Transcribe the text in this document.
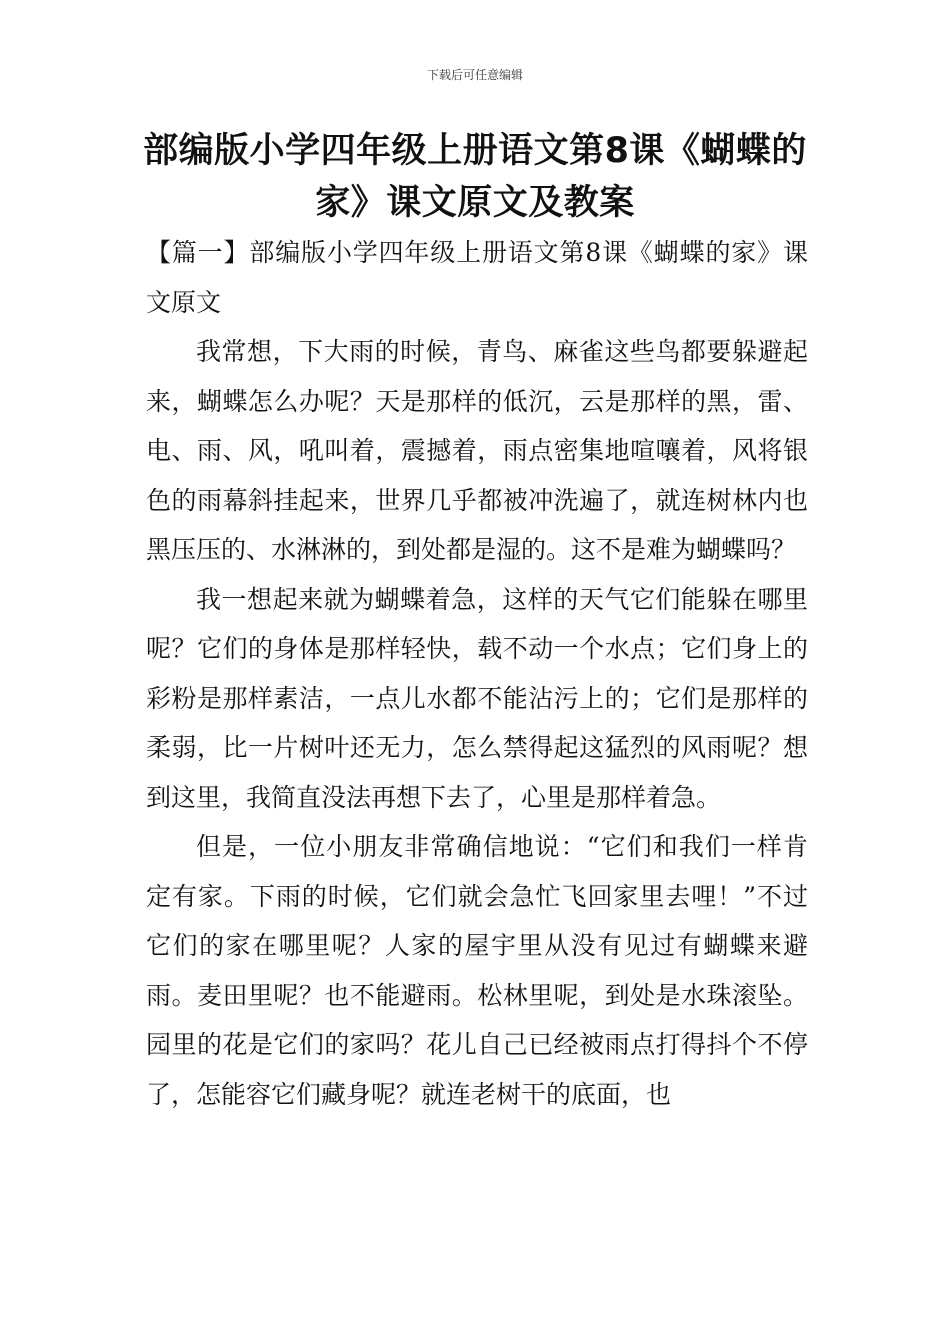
下载后可任意编辑
部编版小学四年级上册语文第8课《蝴蝶的家》课文原文及教案

【篇一】部编版小学四年级上册语文第8课《蝴蝶的家》课文原文

我常想，下大雨的时候，青鸟、麻雀这些鸟都要躲避起来，蝴蝶怎么办呢？天是那样的低沉，云是那样的黑，雷、电、雨、风，吼叫着，震撼着，雨点密集地喧嚷着，风将银色的雨幕斜挂起来，世界几乎都被冲洗遍了，就连树林内也黑压压的、水淋淋的，到处都是湿的。这不是难为蝴蝶吗？

我一想起来就为蝴蝶着急，这样的天气它们能躲在哪里呢？它们的身体是那样轻快，载不动一个水点；它们身上的彩粉是那样素洁，一点儿水都不能沾污上的；它们是那样的柔弱，比一片树叶还无力，怎么禁得起这猛烈的风雨呢？想到这里，我简直没法再想下去了，心里是那样着急。

但是，一位小朋友非常确信地说：“它们和我们一样肯定有家。下雨的时候，它们就会急忙飞回家里去哩！”不过它们的家在哪里呢？人家的屋宇里从没有见过有蝴蝶来避雨。麦田里呢？也不能避雨。松林里呢，到处是水珠滚坠。园里的花是它们的家吗？花儿自己已经被雨点打得抖个不停了，怎能容它们藏身呢？就连老树干的底面，也
